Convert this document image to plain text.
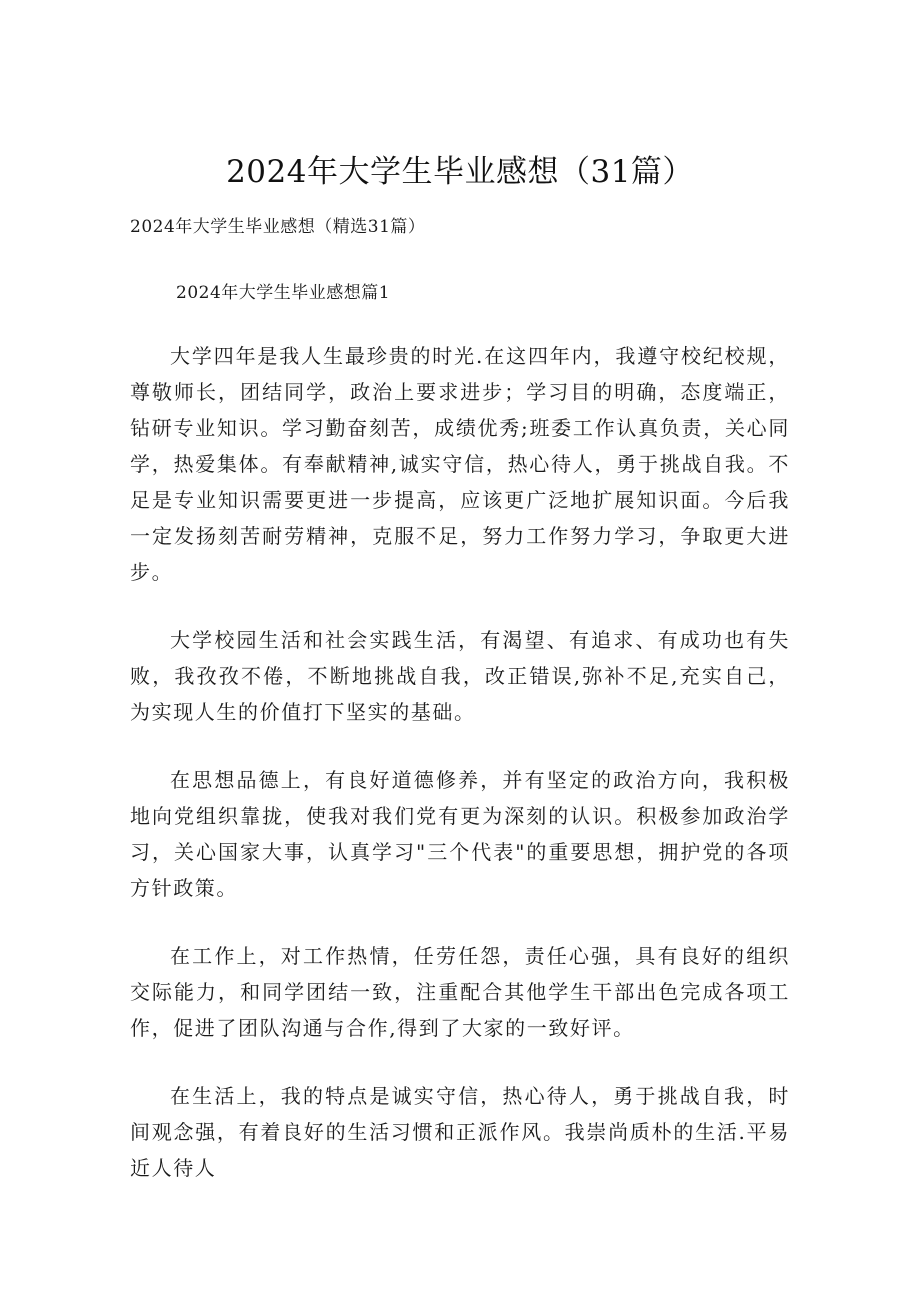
2024年大学生毕业感想（31篇）

2024年大学生毕业感想（精选31篇）

2024年大学生毕业感想篇1

大学四年是我人生最珍贵的时光.在这四年内，我遵守校纪校规，尊敬师长，团结同学，政治上要求进步；学习目的明确，态度端正，钻研专业知识。学习勤奋刻苦，成绩优秀;班委工作认真负责，关心同学，热爱集体。有奉献精神,诚实守信，热心待人，勇于挑战自我。不足是专业知识需要更进一步提高，应该更广泛地扩展知识面。今后我一定发扬刻苦耐劳精神，克服不足，努力工作努力学习，争取更大进步。

大学校园生活和社会实践生活，有渴望、有追求、有成功也有失败，我孜孜不倦，不断地挑战自我，改正错误,弥补不足,充实自己，为实现人生的价值打下坚实的基础。

在思想品德上，有良好道德修养，并有坚定的政治方向，我积极地向党组织靠拢，使我对我们党有更为深刻的认识。积极参加政治学习，关心国家大事，认真学习"三个代表"的重要思想，拥护党的各项方针政策。

在工作上，对工作热情，任劳任怨，责任心强，具有良好的组织交际能力，和同学团结一致，注重配合其他学生干部出色完成各项工作，促进了团队沟通与合作,得到了大家的一致好评。

在生活上，我的特点是诚实守信，热心待人，勇于挑战自我，时间观念强，有着良好的生活习惯和正派作风。我崇尚质朴的生活.平易近人待人
